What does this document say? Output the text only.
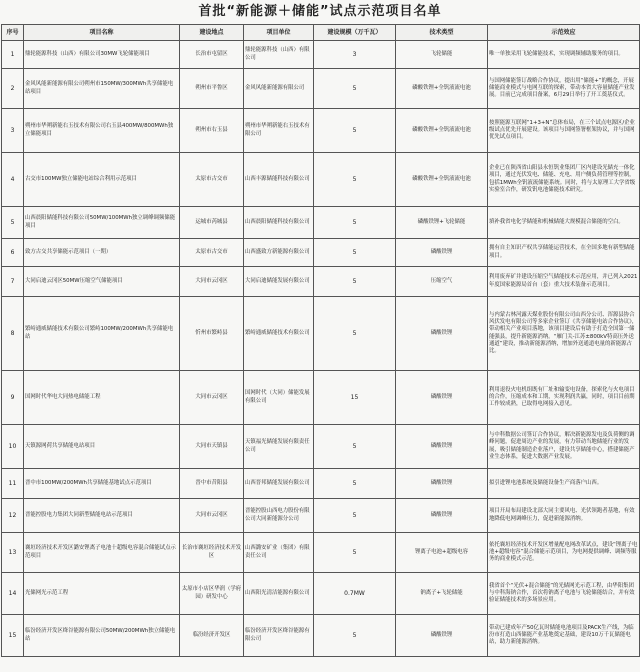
首批“新能源＋储能”试点示范项目名单
序号	项目名称	建设地点	项目单位	建设规模（万千瓦）	技术类型	示范效应
1	鼎轮能源科技（山西）有限公司30MW飞轮储能项目	长治市屯留区	鼎轮能源科技（山西）有限公司	3	飞轮储能	唯一单独采用飞轮储能技术，实现调频辅助服务的项目。
2	金风风能新能源有限公司朔州市150MW/300MWh共享储能电站项目	朔州市平鲁区	金风风能新能源有限公司	5	磷酸铁锂+全钒液流电池	与国网储能签订战略合作协议，提出用“储能+”的概念，开展储能商业模式与电网互联的探索，带动本省大容量储能产业发展。目前已完成项目备案，6月29日举行了开工奠基仪式。
3	朔州市华朔新能右玉技术有限公司右玉县400MW/800MWh独立储能项目	朔州市右玉县	朔州市华朔新能右玉技术有限公司	5	磷酸铁锂+全钒液流电池	按照能源互联网“1+3+N”总体布局，在三个试点电源区/企业级试点优先开展建设。该项目与国网签署框架协议，并与国网优先试点项目。
4	古交市100MW独立储能电站综合利用示范项目	太原市古交市	山西丰源储能科技有限公司	5	磷酸铁锂+全钒液流电池	企业已在陕西省山阳县永恒钒业集团厂区内建设光储充一体化项目，通过光伏发电、储能、充电、用户侧负荷管理等控制，包括1MWh全钒液流储能系统。同时，将与太原理工大学省级实验室合作，研发钒电池储能技术研究。
5	山西晨阳储能科技有限公司50MW/100MWh独立调峰调频储能项目	运城市芮城县	山西晨阳储能科技有限公司	5	磷酸铁锂+飞轮储能	填补我省电化学储能和机械储能大规模混合储能的空白。
6	致方古交共享储能示范项目（一期）	太原市古交市	山西盛致方新能源有限公司	5	磷酸铁锂	拥有自主知识产权共享储能运营技术，在全国多地有新型储能项目。
7	大同启迪云冈区50MW压缩空气储能项目	大同市云冈区	大同启迪储能发展有限公司	5	压缩空气	利用废弃矿井建设压缩空气储能技术示范应用，并已列入2021年度国家能源局首台（套）重大技术装备示范项目。
8	繁峙通威储能技术有限公司繁峙100MW/200MWh共享储能电站	忻州市繁峙县	繁峙通威储能技术有限公司	5	磷酸铁锂	与内蒙古林河露天煤业股份有限公司山西分公司、浑源县协合风伏发电有限公司等多家企业签订《共享储能电站合作协议》，带动相关产业项目落地，该项目建设后有助于打造全国第一储能强县，提升新能源消纳。“雁门关-江苏±800kV特高压外送通道”建设，推动新能源消纳，增加外送通道电量的新能源占比。
9	国网时代华电大同热电储能工程	大同市云冈区	国网时代（大同）储能发展有限公司	15	磷酸铁锂	利用退役火电机组既有厂址和输变电设备，探索化与火电项目的合作，压缩成本和工期，实现利润共赢，同时，项目目前期工作较成熟，已取得电网接入意见。
10	天镇源网荷共享储能电站项目	大同市天镇县	天镇福光储能发展有限责任公司	5	磷酸铁锂	与中科数据公司签订合作协议，解决新能源发电及负荷侧的调峰问题，促进周边产业的发展，有力带动当地储能行业的发展，吸引储能制造企业落户，建设共享储能中心，搭建储能产业生态体系，促进大数据产业发展。
11	晋中市100MW/200MWh共享储能基地试点示范项目	晋中市昔阳县	山西晋邦储能发展有限公司	5	磷酸铁锂	拟引进锂电池系统及储能设备生产商落户山西。
12	晋能控股电力集团大同新型储能电站示范项目	大同市云冈区	晋能控股山西电力股份有限公司大同新能源分公司	5	磷酸铁锂	项目开局布局建设北部大同主要风电、光伏领跑者基地，有效地降低电网调峰压力，促进新能源消纳。
13	襄垣经济技术开发区潞安锂离子电池十超级电容混合储能试点示范项目	长治市襄垣经济技术开发区	山西潞安矿业（集团）有限责任公司	5	锂离子电池+超级电容	依托襄垣经济技术开发区增量配电网改革试点，建设“锂离子电池+超级电容”混合储能示范项目，为电网提供调峰、调频等服务的商业模式示范。
14	光储网光示范工程	太原市小店区华润（学府园）研发中心	山西阳光清洁能源有限公司	0.7MW	钠离子+飞轮储能	我省首个“光伏+混合储能”的光储网光示范工程，由华阳集团与中科海钠合作，首次将钠离子电池与飞轮储能结合，并有效验证储能技术的多场景应用。
15	临汾经济开发区绛谷能源有限公司50MW/200MWh独立储能电站	临汾经济开发区	临汾经济开发区绛谷能源有限公司	5	磷酸铁锂	带动已建成年产50亿瓦时储能电池项目及PACK生产线，为临汾市打造山西储能产业基地奠定基础，建设10万千瓦储能电站，助力新能源消纳。
